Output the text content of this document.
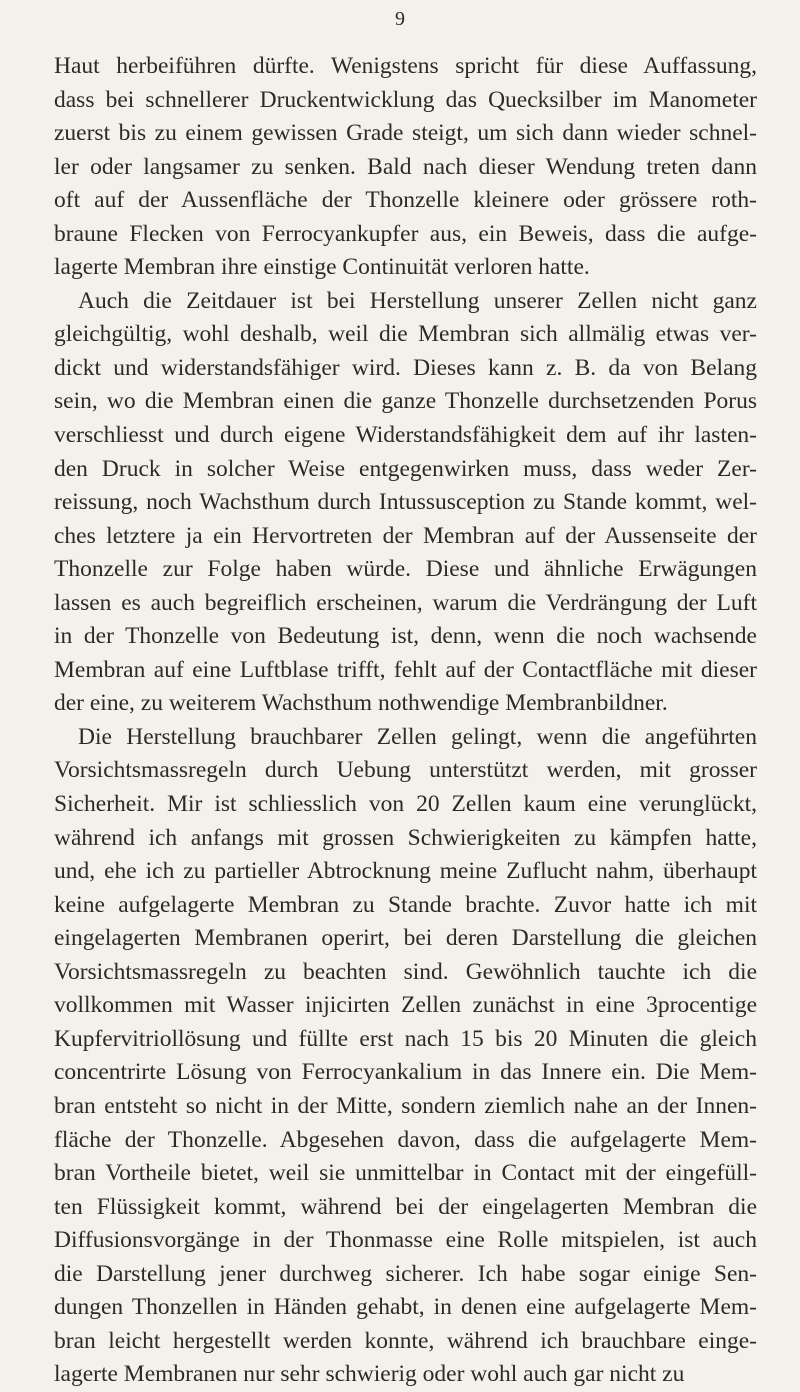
9
Haut herbeiführen dürfte. Wenigstens spricht für diese Auffassung,
dass bei schnellerer Druckentwicklung das Quecksilber im Manometer
zuerst bis zu einem gewissen Grade steigt, um sich dann wieder schnel-
ler oder langsamer zu senken. Bald nach dieser Wendung treten dann
oft auf der Aussenfläche der Thonzelle kleinere oder grössere roth-
braune Flecken von Ferrocyankupfer aus, ein Beweis, dass die aufge-
lagerte Membran ihre einstige Continuität verloren hatte.
Auch die Zeitdauer ist bei Herstellung unserer Zellen nicht ganz
gleichgültig, wohl deshalb, weil die Membran sich allmälig etwas ver-
dickt und widerstandsfähiger wird. Dieses kann z. B. da von Belang
sein, wo die Membran einen die ganze Thonzelle durchsetzenden Porus
verschliesst und durch eigene Widerstandsfähigkeit dem auf ihr lasten-
den Druck in solcher Weise entgegenwirken muss, dass weder Zer-
reissung, noch Wachsthum durch Intussusception zu Stande kommt, wel-
ches letztere ja ein Hervortreten der Membran auf der Aussenseite der
Thonzelle zur Folge haben würde. Diese und ähnliche Erwägungen
lassen es auch begreiflich erscheinen, warum die Verdrängung der Luft
in der Thonzelle von Bedeutung ist, denn, wenn die noch wachsende
Membran auf eine Luftblase trifft, fehlt auf der Contactfläche mit dieser
der eine, zu weiterem Wachsthum nothwendige Membranbildner.
Die Herstellung brauchbarer Zellen gelingt, wenn die angeführten
Vorsichtsmassregeln durch Uebung unterstützt werden, mit grosser
Sicherheit. Mir ist schliesslich von 20 Zellen kaum eine verunglückt,
während ich anfangs mit grossen Schwierigkeiten zu kämpfen hatte,
und, ehe ich zu partieller Abtrocknung meine Zuflucht nahm, überhaupt
keine aufgelagerte Membran zu Stande brachte. Zuvor hatte ich mit
eingelagerten Membranen operirt, bei deren Darstellung die gleichen
Vorsichtsmassregeln zu beachten sind. Gewöhnlich tauchte ich die
vollkommen mit Wasser injicirten Zellen zunächst in eine 3procentige
Kupfervitriollösung und füllte erst nach 15 bis 20 Minuten die gleich
concentrirte Lösung von Ferrocyankalium in das Innere ein. Die Mem-
bran entsteht so nicht in der Mitte, sondern ziemlich nahe an der Innen-
fläche der Thonzelle. Abgesehen davon, dass die aufgelagerte Mem-
bran Vortheile bietet, weil sie unmittelbar in Contact mit der eingefüll-
ten Flüssigkeit kommt, während bei der eingelagerten Membran die
Diffusionsvorgänge in der Thonmasse eine Rolle mitspielen, ist auch
die Darstellung jener durchweg sicherer. Ich habe sogar einige Sen-
dungen Thonzellen in Händen gehabt, in denen eine aufgelagerte Mem-
bran leicht hergestellt werden konnte, während ich brauchbare einge-
lagerte Membranen nur sehr schwierig oder wohl auch gar nicht zu
